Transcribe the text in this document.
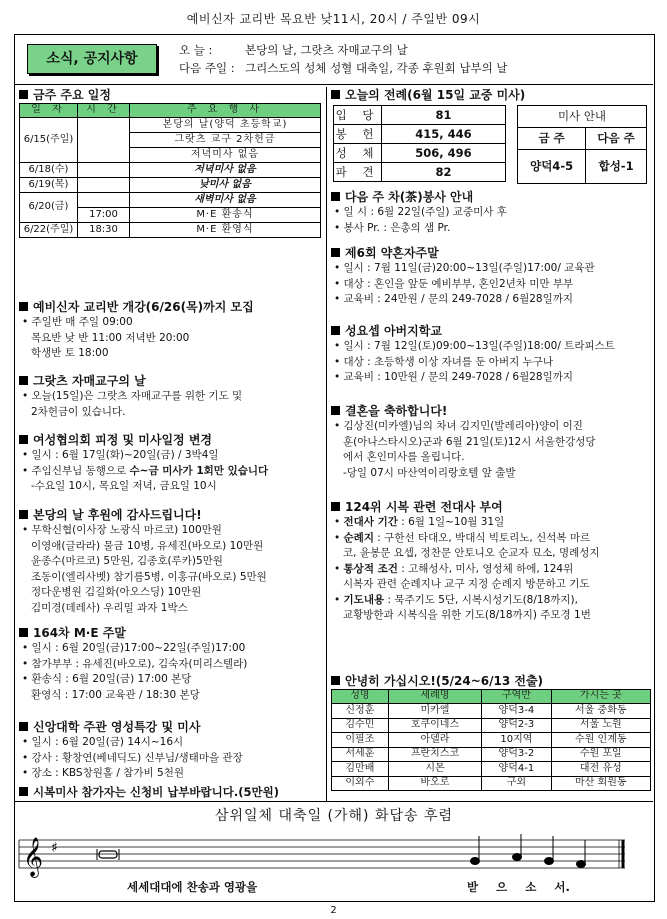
예비신자 교리반 목요반 낮11시, 20시 / 주일반 09시
소식, 공지사항
오 늘 :	본당의 날, 그랏츠 자매교구의 날
다음 주일 : 그리스도의 성체 성혈 대축일, 각종 후원회 납부의 날
금주 주요 일정
일 자	시 간	주 요 행 사
6/15(주일)		본당의 날(양덕 초등학교)
		그랏츠 교구 2차헌금
		저녁미사 없음
6/18(수)		저녁미사 없음
6/19(목)		낮미사 없음
6/20(금)		새벽미사 없음
	17:00	M·E 환송식
6/22(주일)	18:30	M·E 환영식
예비신자 교리반 개강(6/26(목)까지 모집
• 주일반 매 주일 09:00
목요반 낮 반 11:00 저녁반 20:00
학생반 토 18:00
그랏츠 자매교구의 날
• 오늘(15일)은 그랏츠 자매교구를 위한 기도 및
2차헌금이 있습니다.
여성협의회 피정 및 미사일정 변경
• 일시 : 6월 17일(화)~20일(금) / 3박4일
• 주임신부님 동행으로 수~금 미사가 1회만 있습니다
-수요일 10시, 목요일 저녁, 금요일 10시
본당의 날 후원에 감사드립니다!
• 무학신협(이사장 노광식 마르코) 100만원
이영애(글라라) 물금 10병, 유세진(바오로) 10만원
윤종수(마르코) 5만원, 김종호(루카)5만원
조동이(엘리사벳) 참기름5병, 이홍규(바오로) 5만원
정다운병원 김길화(아오스딩) 10만원
김미경(데레사) 우리밀 과자 1박스
164차 M·E 주말
• 일시 : 6월 20일(금)17:00~22일(주일)17:00
• 참가부부 : 유세진(바오로), 김숙자(미리스텔라)
• 환송식 : 6월 20일(금) 17:00 본당
환영식 : 17:00 교육관 / 18:30 본당
신앙대학 주관 영성특강 및 미사
• 일시 : 6월 20일(금) 14시~16시
• 강사 : 황창연(베네딕도) 신부님/생태마을 관장
• 장소 : KBS창원홀 / 참가비 5천원
시복미사 참가자는 신청비 납부바랍니다.(5만원)
오늘의 전례(6월 15일 교중 미사)
입 당	81
봉 헌	415, 446
성 체	506, 496
파 견	82
미사 안내	
금 주	다음 주
양덕4-5	합성-1
다음 주 차(茶)봉사 안내
• 일 시 : 6월 22일(주일) 교중미사 후
• 봉사 Pr. : 은총의 샘 Pr.
제6회 약혼자주말
• 일시 : 7월 11일(금)20:00~13일(주일)17:00/ 교육관
• 대상 : 혼인을 앞둔 예비부부, 혼인2년차 미만 부부
• 교육비 : 24만원 / 문의 249-7028 / 6월28일까지
성요셉 아버지학교
• 일시 : 7월 12일(토)09:00~13일(주일)18:00/ 트라피스트
• 대상 : 초등학생 이상 자녀를 둔 아버지 누구나
• 교육비 : 10만원 / 문의 249-7028 / 6월28일까지
결혼을 축하합니다!
• 김상진(미카엘)님의 차녀 김지민(발레리아)양이 이진
훈(아나스타시오)군과 6월 21일(토)12시 서울한강성당
에서 혼인미사를 올립니다.
-당일 07시 마산역이리랑호텔 앞 출발
124위 시복 관련 전대사 부여
• 전대사 기간 : 6월 1일~10월 31일
• 순례지 : 구한선 타대오, 박대식 빅토리노, 신석복 마르
코, 윤봉문 요셉, 정찬문 안토니오 순교자 묘소, 명례성지
• 통상적 조건 : 고해성사, 미사, 영성체 하에, 124위
시복자 관련 순례지나 교구 지정 순례지 방문하고 기도
• 기도내용 : 묵주기도 5단, 시복시성기도(8/18까지),
교황방한과 시복식을 위한 기도(8/18까지) 주모경 1번
안녕히 가십시오!(5/24~6/13 전출)
성명	세례명	구역반	가시는 곳
신정훈	미카엘	양덕3-4	서울 중화동
김수민	호쿠이네스	양덕2-3	서울 노원
이필조	아델라	10지역	수원 인계동
서세훈	프란치스코	양덕3-2	수원 포일
김만배	시몬	양덕4-1	대전 유성
이외수	바오로	구외	마산 회원동
삼위일체 대축일 (가해) 화답송 후렴
𝄞 ♯
세세대대에 찬송과 영광을	받 으 소 서.
2
